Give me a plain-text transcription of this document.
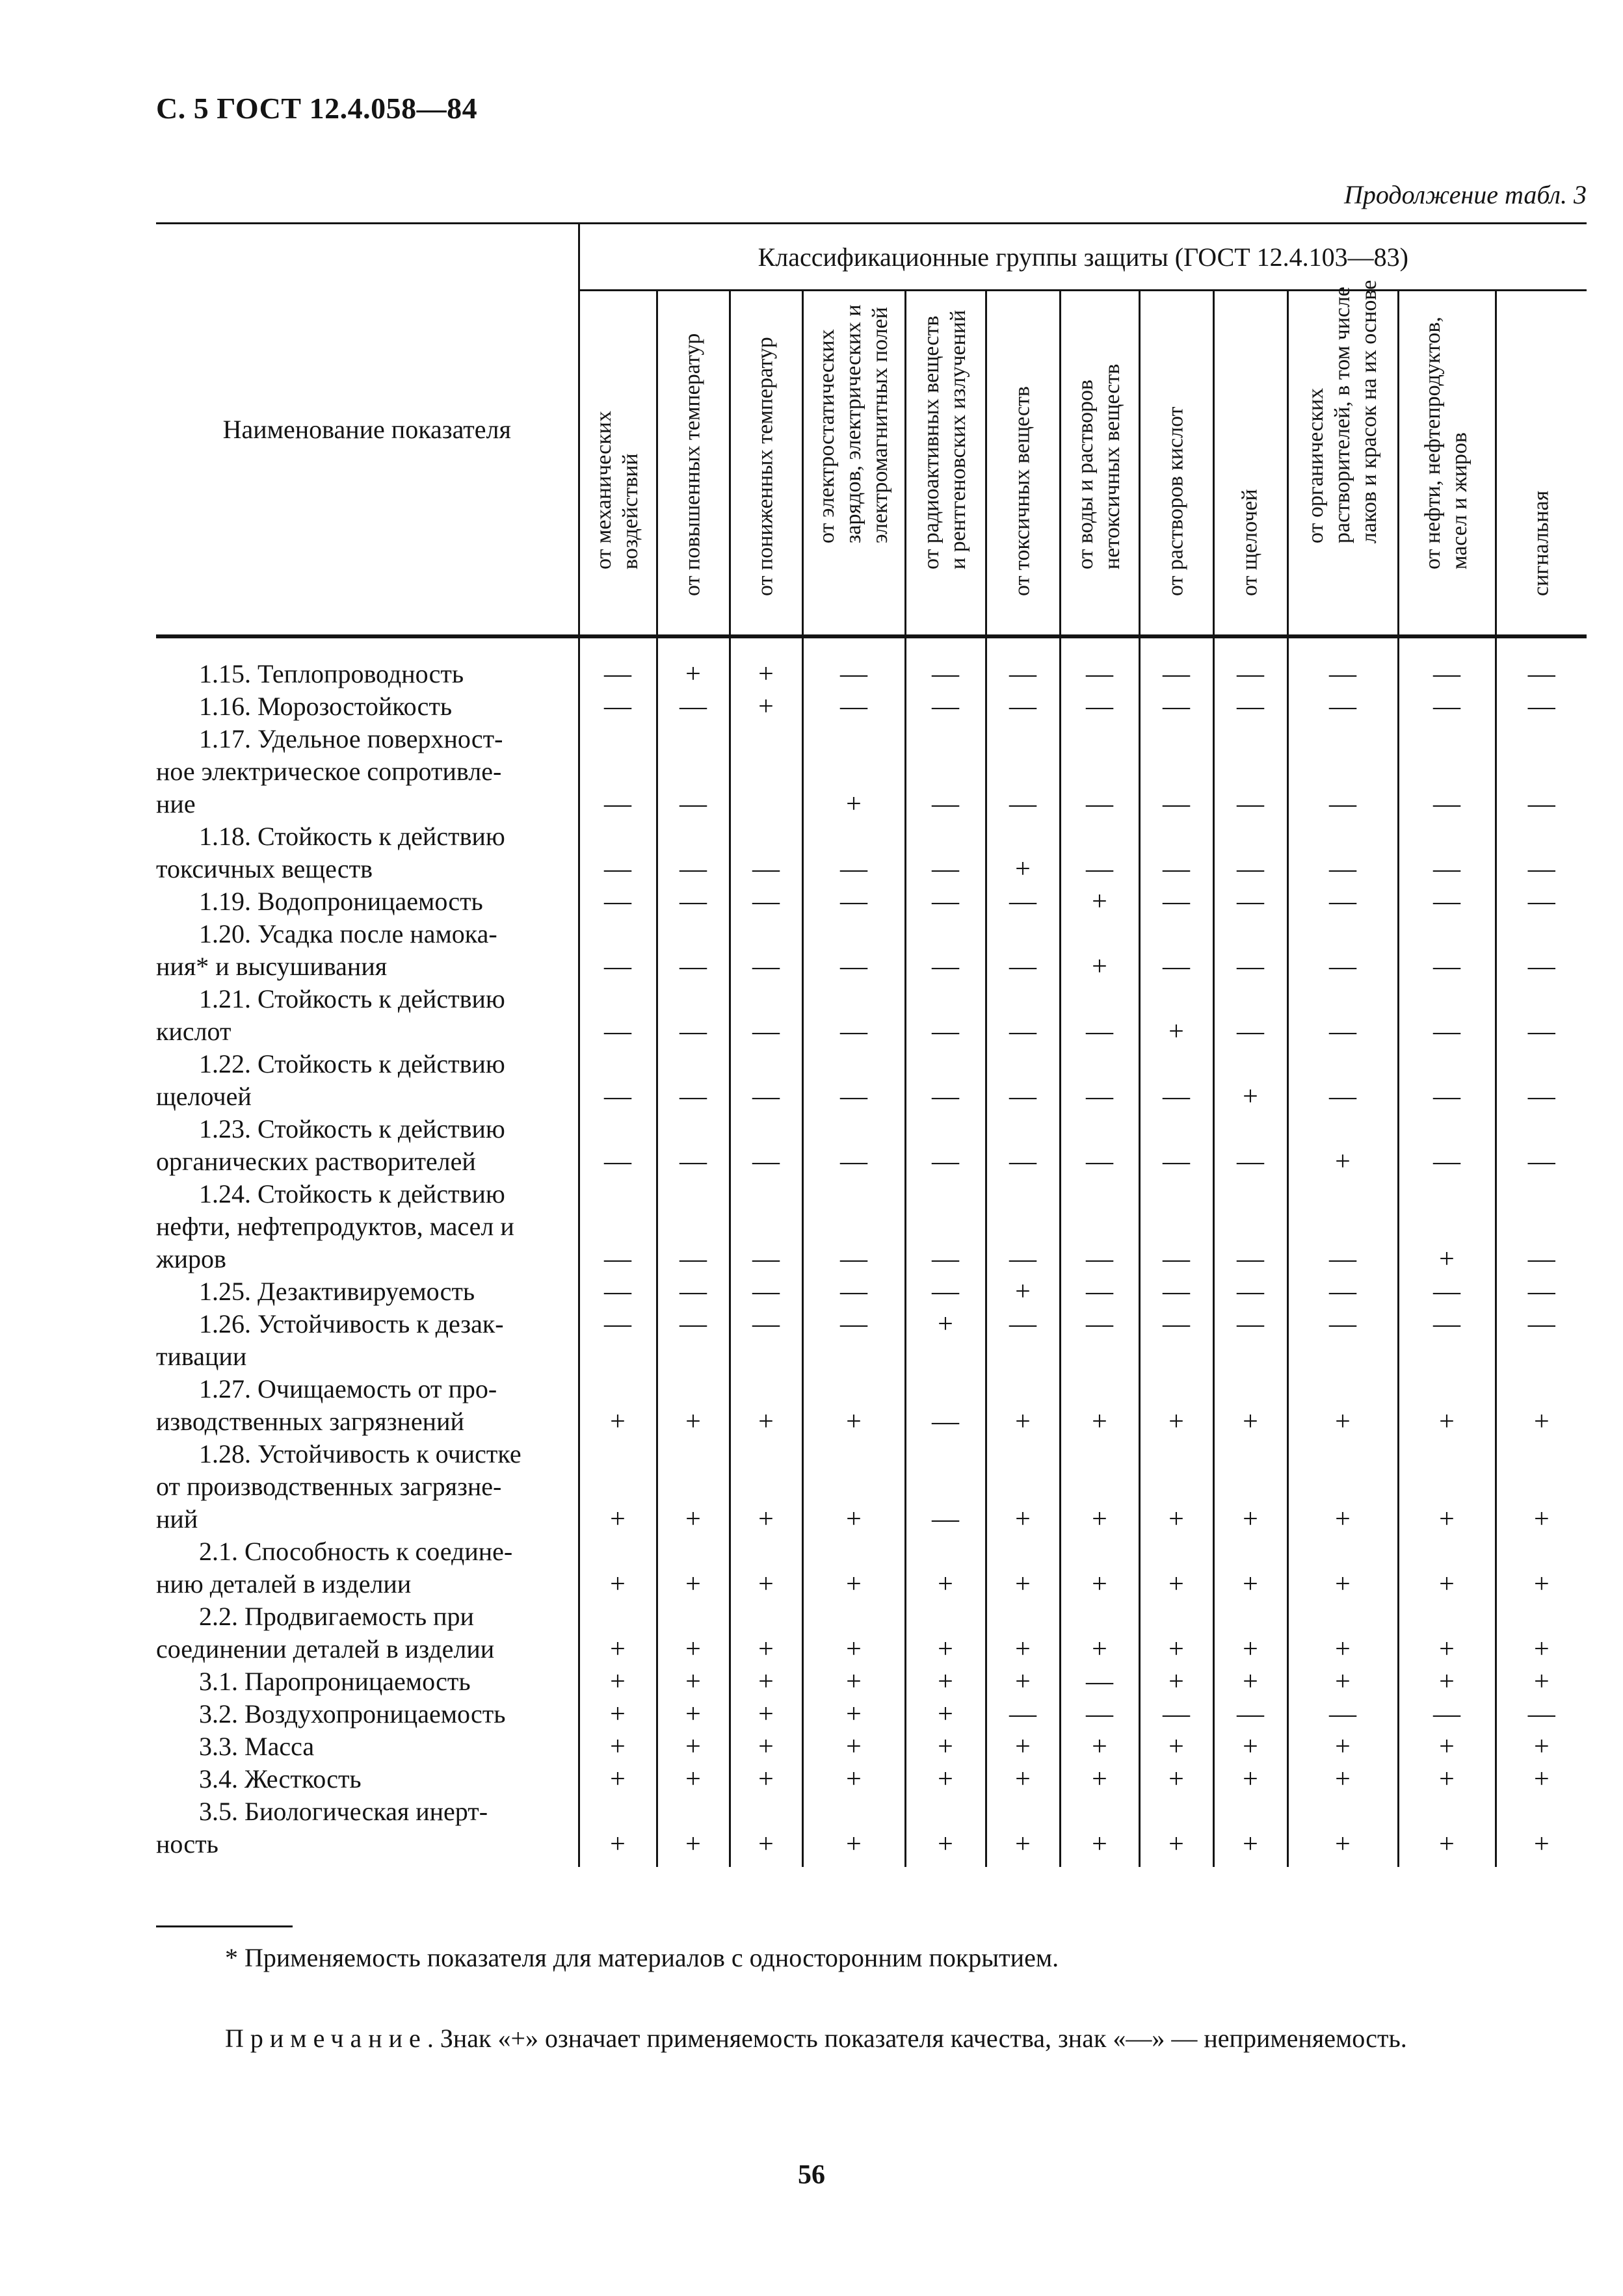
С. 5 ГОСТ 12.4.058—84
Продолжение табл. 3
Наименование показателя	Классификационные группы защиты (ГОСТ 12.4.103—83)											

	от механических воздействий	от повышенных температур	от пониженных температур	от электростатических зарядов, электрических и электромагнитных полей	от радиоактивных веществ и рентгеновских излучений	от токсичных веществ	от воды и растворов нетоксичных веществ	от растворов кислот	от щелочей	от органических растворителей, в том числе лаков и красок на их основе	от нефти, нефтепродуктов, масел и жиров	сигнальная

1.15. Теплопроводность	—	+	+	—	—	—	—	—	—	—	—	—

1.16. Морозостойкость	—	—	+	—	—	—	—	—	—	—	—	—

1.17. Удельное поверхност-
ное электрическое сопротивле-
ние	—	—		+	—	—	—	—	—	—	—	—

1.18. Стойкость к действию
токсичных веществ	—	—	—	—	—	+	—	—	—	—	—	—

1.19. Водопроницаемость	—	—	—	—	—	—	+	—	—	—	—	—

1.20. Усадка после намока-
ния* и высушивания	—	—	—	—	—	—	+	—	—	—	—	—

1.21. Стойкость к действию
кислот	—	—	—	—	—	—	—	+	—	—	—	—

1.22. Стойкость к действию
щелочей	—	—	—	—	—	—	—	—	+	—	—	—

1.23. Стойкость к действию
органических растворителей	—	—	—	—	—	—	—	—	—	+	—	—

1.24. Стойкость к действию
нефти, нефтепродуктов, масел и
жиров	—	—	—	—	—	—	—	—	—	—	+	—

1.25. Дезактивируемость	—	—	—	—	—	+	—	—	—	—	—	—

1.26. Устойчивость к дезак-
тивации	—	—	—	—	+	—	—	—	—	—	—	—

1.27. Очищаемость от про-
изводственных загрязнений	+	+	+	+	—	+	+	+	+	+	+	+

1.28. Устойчивость к очистке
от производственных загрязне-
ний	+	+	+	+	—	+	+	+	+	+	+	+

2.1. Способность к соедине-
нию деталей в изделии	+	+	+	+	+	+	+	+	+	+	+	+

2.2. Продвигаемость при
соединении деталей в изделии	+	+	+	+	+	+	+	+	+	+	+	+

3.1. Паропроницаемость	+	+	+	+	+	+	—	+	+	+	+	+

3.2. Воздухопроницаемость	+	+	+	+	+	—	—	—	—	—	—	—

3.3. Масса	+	+	+	+	+	+	+	+	+	+	+	+

3.4. Жесткость	+	+	+	+	+	+	+	+	+	+	+	+

3.5. Биологическая инерт-
ность	+	+	+	+	+	+	+	+	+	+	+	+
* Применяемость показателя для материалов с односторонним покрытием.
Примечание. Знак «+» означает применяемость показателя качества, знак «—» — неприменяемость.
56
